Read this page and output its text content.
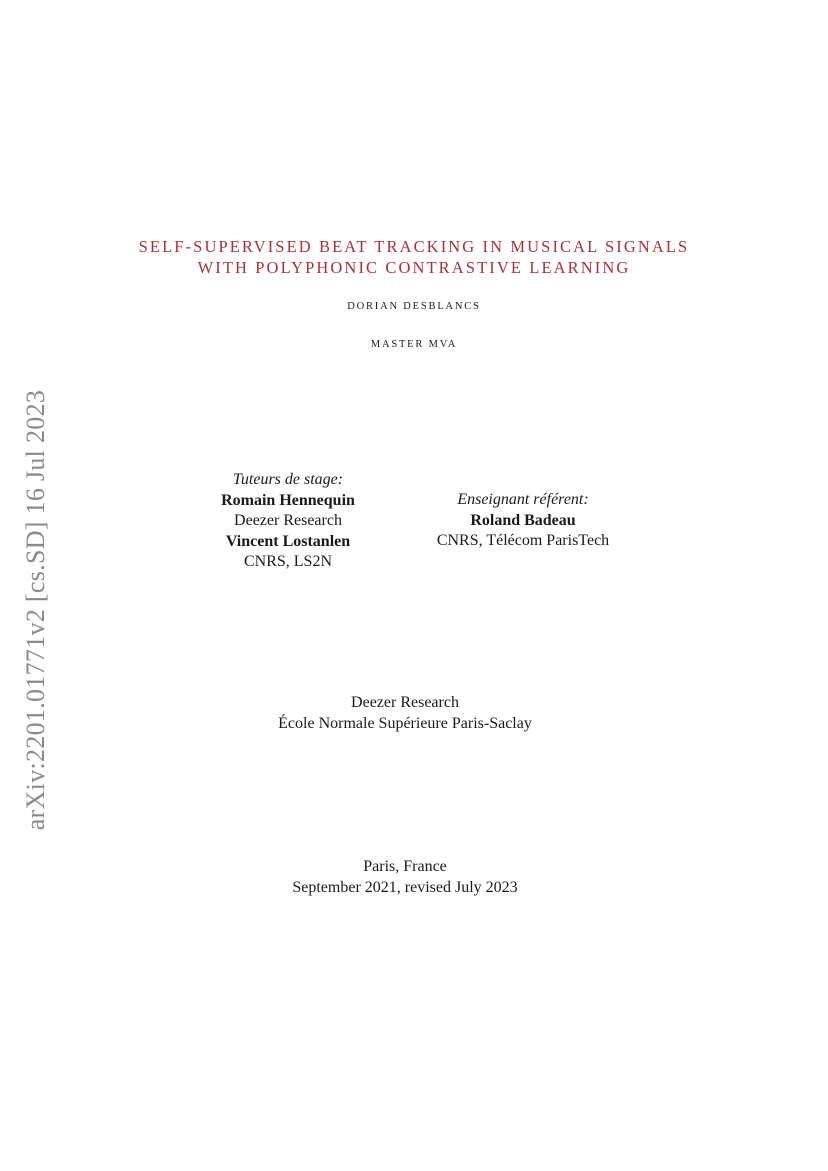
arXiv:2201.01771v2 [cs.SD] 16 Jul 2023
SELF-SUPERVISED BEAT TRACKING IN MUSICAL SIGNALS
WITH POLYPHONIC CONTRASTIVE LEARNING
DORIAN DESBLANCS
MASTER MVA
Tuteurs de stage:
Romain Hennequin
Deezer Research
Vincent Lostanlen
CNRS, LS2N
Enseignant référent:
Roland Badeau
CNRS, Télécom ParisTech
Deezer Research
École Normale Supérieure Paris-Saclay
Paris, France
September 2021, revised July 2023
